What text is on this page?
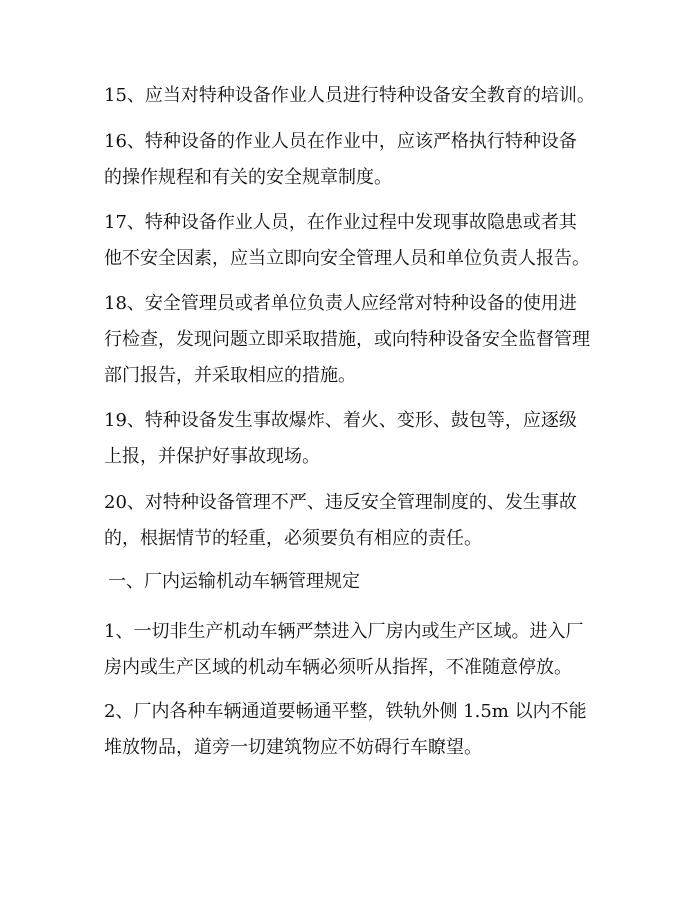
15、应当对特种设备作业人员进行特种设备安全教育的培训。
16、特种设备的作业人员在作业中，应该严格执行特种设备
的操作规程和有关的安全规章制度。
17、特种设备作业人员，在作业过程中发现事故隐患或者其
他不安全因素，应当立即向安全管理人员和单位负责人报告。
18、安全管理员或者单位负责人应经常对特种设备的使用进
行检查，发现问题立即采取措施，或向特种设备安全监督管理
部门报告，并采取相应的措施。
19、特种设备发生事故爆炸、着火、变形、鼓包等，应逐级
上报，并保护好事故现场。
20、对特种设备管理不严、违反安全管理制度的、发生事故
的，根据情节的轻重，必须要负有相应的责任。
一、厂内运输机动车辆管理规定
1、一切非生产机动车辆严禁进入厂房内或生产区域。进入厂
房内或生产区域的机动车辆必须听从指挥，不准随意停放。
2、厂内各种车辆通道要畅通平整，铁轨外侧 1.5m 以内不能
堆放物品，道旁一切建筑物应不妨碍行车瞭望。
